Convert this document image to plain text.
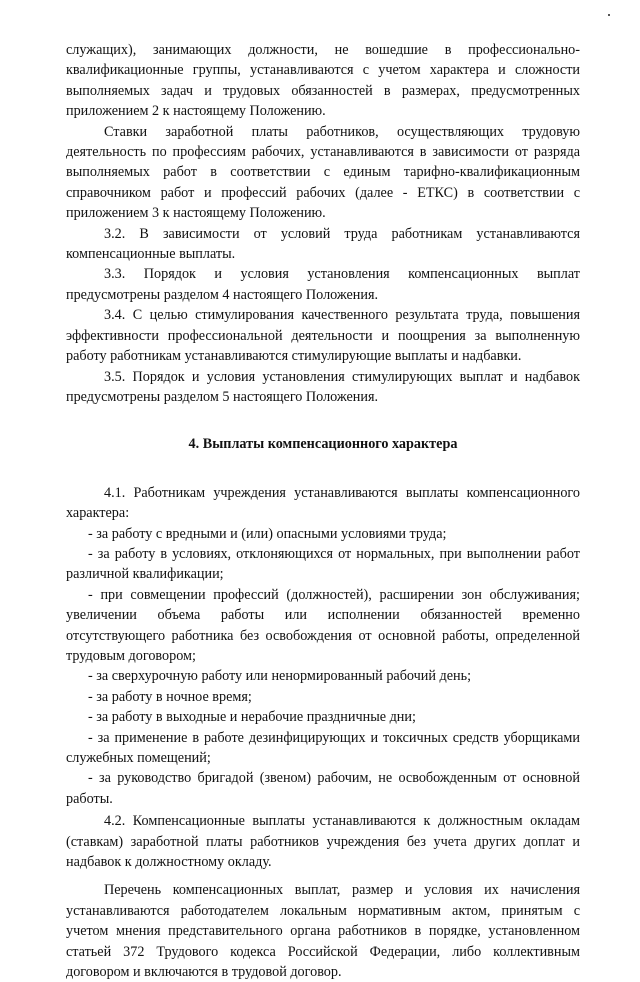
служащих), занимающих должности, не вошедшие в профессионально-квалификационные группы, устанавливаются с учетом характера и сложности выполняемых задач и трудовых обязанностей в размерах, предусмотренных приложением 2 к настоящему Положению.

Ставки заработной платы работников, осуществляющих трудовую деятельность по профессиям рабочих, устанавливаются в зависимости от разряда выполняемых работ в соответствии с единым тарифно-квалификационным справочником работ и профессий рабочих (далее - ЕТКС) в соответствии с приложением 3 к настоящему Положению.

3.2. В зависимости от условий труда работникам устанавливаются компенсационные выплаты.

3.3. Порядок и условия установления компенсационных выплат предусмотрены разделом 4 настоящего Положения.

3.4. С целью стимулирования качественного результата труда, повышения эффективности профессиональной деятельности и поощрения за выполненную работу работникам устанавливаются стимулирующие выплаты и надбавки.

3.5. Порядок и условия установления стимулирующих выплат и надбавок предусмотрены разделом 5 настоящего Положения.

4. Выплаты компенсационного характера

4.1. Работникам учреждения устанавливаются выплаты компенсационного характера:

- за работу с вредными и (или) опасными условиями труда;

- за работу в условиях, отклоняющихся от нормальных, при выполнении работ различной квалификации;

- при совмещении профессий (должностей), расширении зон обслуживания; увеличении объема работы или исполнении обязанностей временно отсутствующего работника без освобождения от основной работы, определенной трудовым договором;

- за сверхурочную работу или ненормированный рабочий день;

- за работу в ночное время;

- за работу в выходные и нерабочие праздничные дни;

- за применение в работе дезинфицирующих и токсичных средств уборщиками служебных помещений;

- за руководство бригадой (звеном) рабочим, не освобожденным от основной работы.

4.2. Компенсационные выплаты устанавливаются к должностным окладам (ставкам) заработной платы работников учреждения без учета других доплат и надбавок к должностному окладу.

Перечень компенсационных выплат, размер и условия их начисления устанавливаются работодателем локальным нормативным актом, принятым с учетом мнения представительного органа работников в порядке, установленном статьей 372 Трудового кодекса Российской Федерации, либо коллективным договором и включаются в трудовой договор.
